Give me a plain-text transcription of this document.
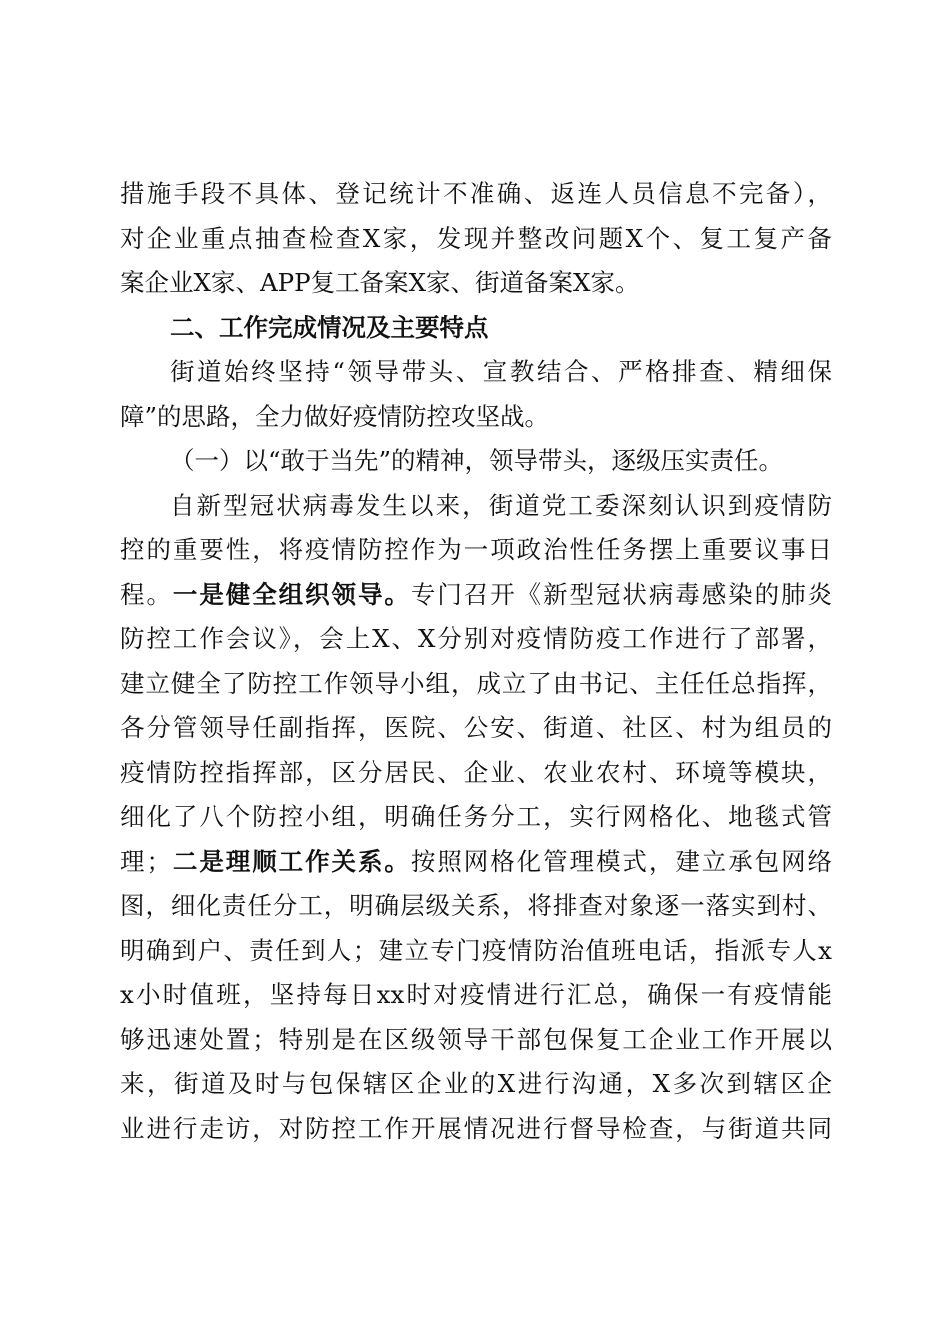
措施手段不具体、登记统计不准确、返连人员信息不完备），
对企业重点抽查检查X家，发现并整改问题X个、复工复产备
案企业X家、APP复工备案X家、街道备案X家。
二、工作完成情况及主要特点
街道始终坚持“领导带头、宣教结合、严格排查、精细保
障”的思路，全力做好疫情防控攻坚战。
（一）以“敢于当先”的精神，领导带头，逐级压实责任。
自新型冠状病毒发生以来，街道党工委深刻认识到疫情防
控的重要性，将疫情防控作为一项政治性任务摆上重要议事日
程。一是健全组织领导。专门召开《新型冠状病毒感染的肺炎
防控工作会议》，会上X、X分别对疫情防疫工作进行了部署，
建立健全了防控工作领导小组，成立了由书记、主任任总指挥，
各分管领导任副指挥，医院、公安、街道、社区、村为组员的
疫情防控指挥部，区分居民、企业、农业农村、环境等模块，
细化了八个防控小组，明确任务分工，实行网格化、地毯式管
理；二是理顺工作关系。按照网格化管理模式，建立承包网络
图，细化责任分工，明确层级关系，将排查对象逐一落实到村、
明确到户、责任到人；建立专门疫情防治值班电话，指派专人x
x小时值班，坚持每日xx时对疫情进行汇总，确保一有疫情能
够迅速处置；特别是在区级领导干部包保复工企业工作开展以
来，街道及时与包保辖区企业的X进行沟通，X多次到辖区企
业进行走访，对防控工作开展情况进行督导检查，与街道共同
